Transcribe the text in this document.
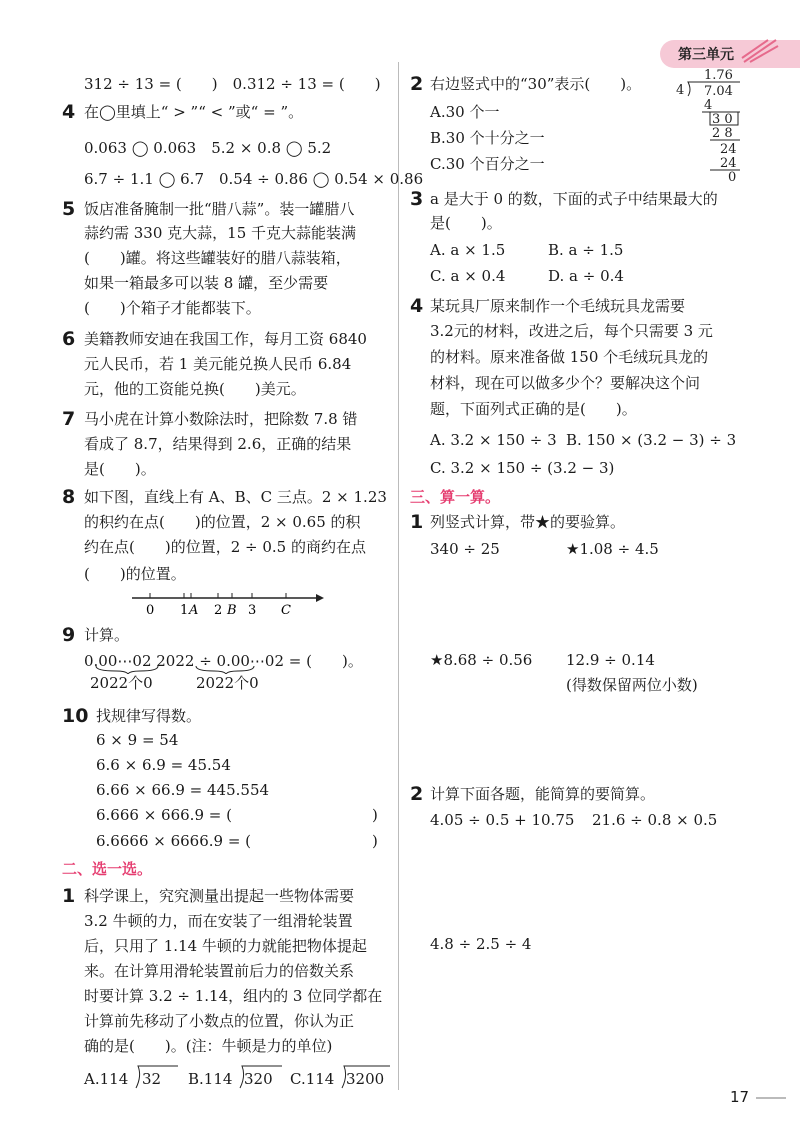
第三单元
312 ÷ 13 = (　　)　0.312 ÷ 13 = (　　)
4 在◯里填上“ > ”“ < ”或“ = ”。
0.063 ◯ 0.063　5.2 × 0.8 ◯ 5.2
6.7 ÷ 1.1 ◯ 6.7　0.54 ÷ 0.86 ◯ 0.54 × 0.86
5 饭店准备腌制一批“腊八蒜”。装一罐腊八
蒜约需 330 克大蒜，15 千克大蒜能装满
(　　)罐。将这些罐装好的腊八蒜装箱，
如果一箱最多可以装 8 罐，至少需要
(　　)个箱子才能都装下。
6 美籍教师安迪在我国工作，每月工资 6840
元人民币，若 1 美元能兑换人民币 6.84
元，他的工资能兑换(　　)美元。
7 马小虎在计算小数除法时，把除数 7.8 错
看成了 8.7，结果得到 2.6，正确的结果
是(　　)。
8 如下图，直线上有 A、B、C 三点。2 × 1.23
的积约在点(　　)的位置，2 × 0.65 的积
约在点(　　)的位置，2 ÷ 0.5 的商约在点
(　　)的位置。
0 1 A 2 B 3 C
9 计算。
0.00⋯02 2022 ÷ 0.00⋯02 = (　　)。
2022个0	2022个0
10 找规律写得数。
6 × 9 = 54
6.6 × 6.9 = 45.54
6.66 × 66.9 = 445.554
6.666 × 666.9 = (	)
6.6666 × 6666.9 = (	)
二、选一选。
1 科学课上，究究测量出提起一些物体需要
3.2 牛顿的力，而在安装了一组滑轮装置
后，只用了 1.14 牛顿的力就能把物体提起
来。在计算用滑轮装置前后力的倍数关系
时要计算 3.2 ÷ 1.14，组内的 3 位同学都在
计算前先移动了小数点的位置，你认为正
确的是(　　)。(注：牛顿是力的单位)
A.114 32 B.114 320 C.114 3200
2 右边竖式中的“30”表示(　　)。
A.30 个一
B.30 个十分之一
C.30 个百分之一
1.76
4 7.04
4
3 0
2 8
24
24
0
3 a 是大于 0 的数，下面的式子中结果最大的
是(　　)。
A. a × 1.5	B. a ÷ 1.5
C. a × 0.4	D. a ÷ 0.4
4 某玩具厂原来制作一个毛绒玩具龙需要
3.2元的材料，改进之后，每个只需要 3 元
的材料。原来准备做 150 个毛绒玩具龙的
材料，现在可以做多少个？要解决这个问
题，下面列式正确的是(　　)。
A. 3.2 × 150 ÷ 3 B. 150 × (3.2 − 3) ÷ 3
C. 3.2 × 150 ÷ (3.2 − 3)
三、算一算。
1 列竖式计算，带★的要验算。
340 ÷ 25	★1.08 ÷ 4.5
★8.68 ÷ 0.56 12.9 ÷ 0.14
(得数保留两位小数)
2 计算下面各题，能简算的要简算。
4.05 ÷ 0.5 + 10.75 21.6 ÷ 0.8 × 0.5
4.8 ÷ 2.5 ÷ 4
17
